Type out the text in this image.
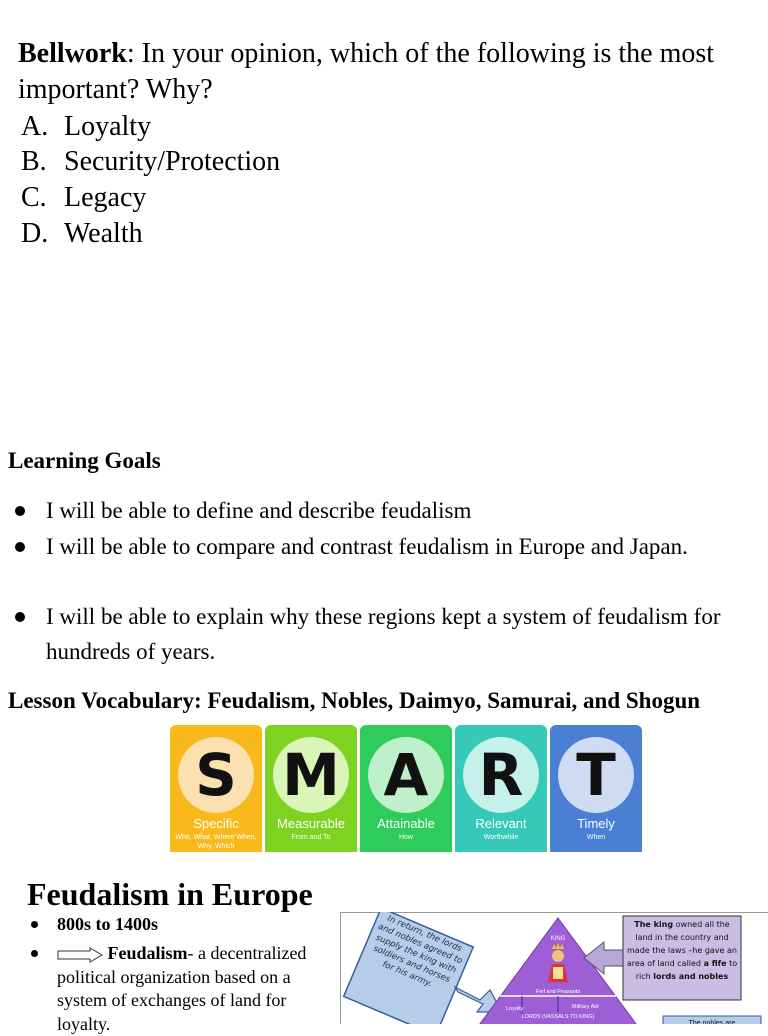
Bellwork: In your opinion, which of the following is the most important? Why?
A. Loyalty
B. Security/Protection
C. Legacy
D. Wealth
Learning Goals
I will be able to define and describe feudalism
I will be able to compare and contrast feudalism in Europe and Japan.
I will be able to explain why these regions kept a system of feudalism for hundreds of years.
Lesson Vocabulary: Feudalism, Nobles, Daimyo, Samurai, and Shogun
S
Specific
Who, What, Where When, Why, Which
M
Measurable
From and To
A
Attainable
How
R
Relevant
Worthwhile
T
Timely
When
Feudalism in Europe
800s to 1400s
Feudalism- a decentralized political organization based on a system of exchanges of land for loyalty.
In return, the lords and nobles agreed to supply the king with soldiers and horses for his army.
KING
Fief and Peasants
Loyalty	Military Aid
LORDS (VASSALS TO KING)
The king owned all the land in the country and made the laws –he gave an area of land called a fife to rich lords and nobles
The nobles are
